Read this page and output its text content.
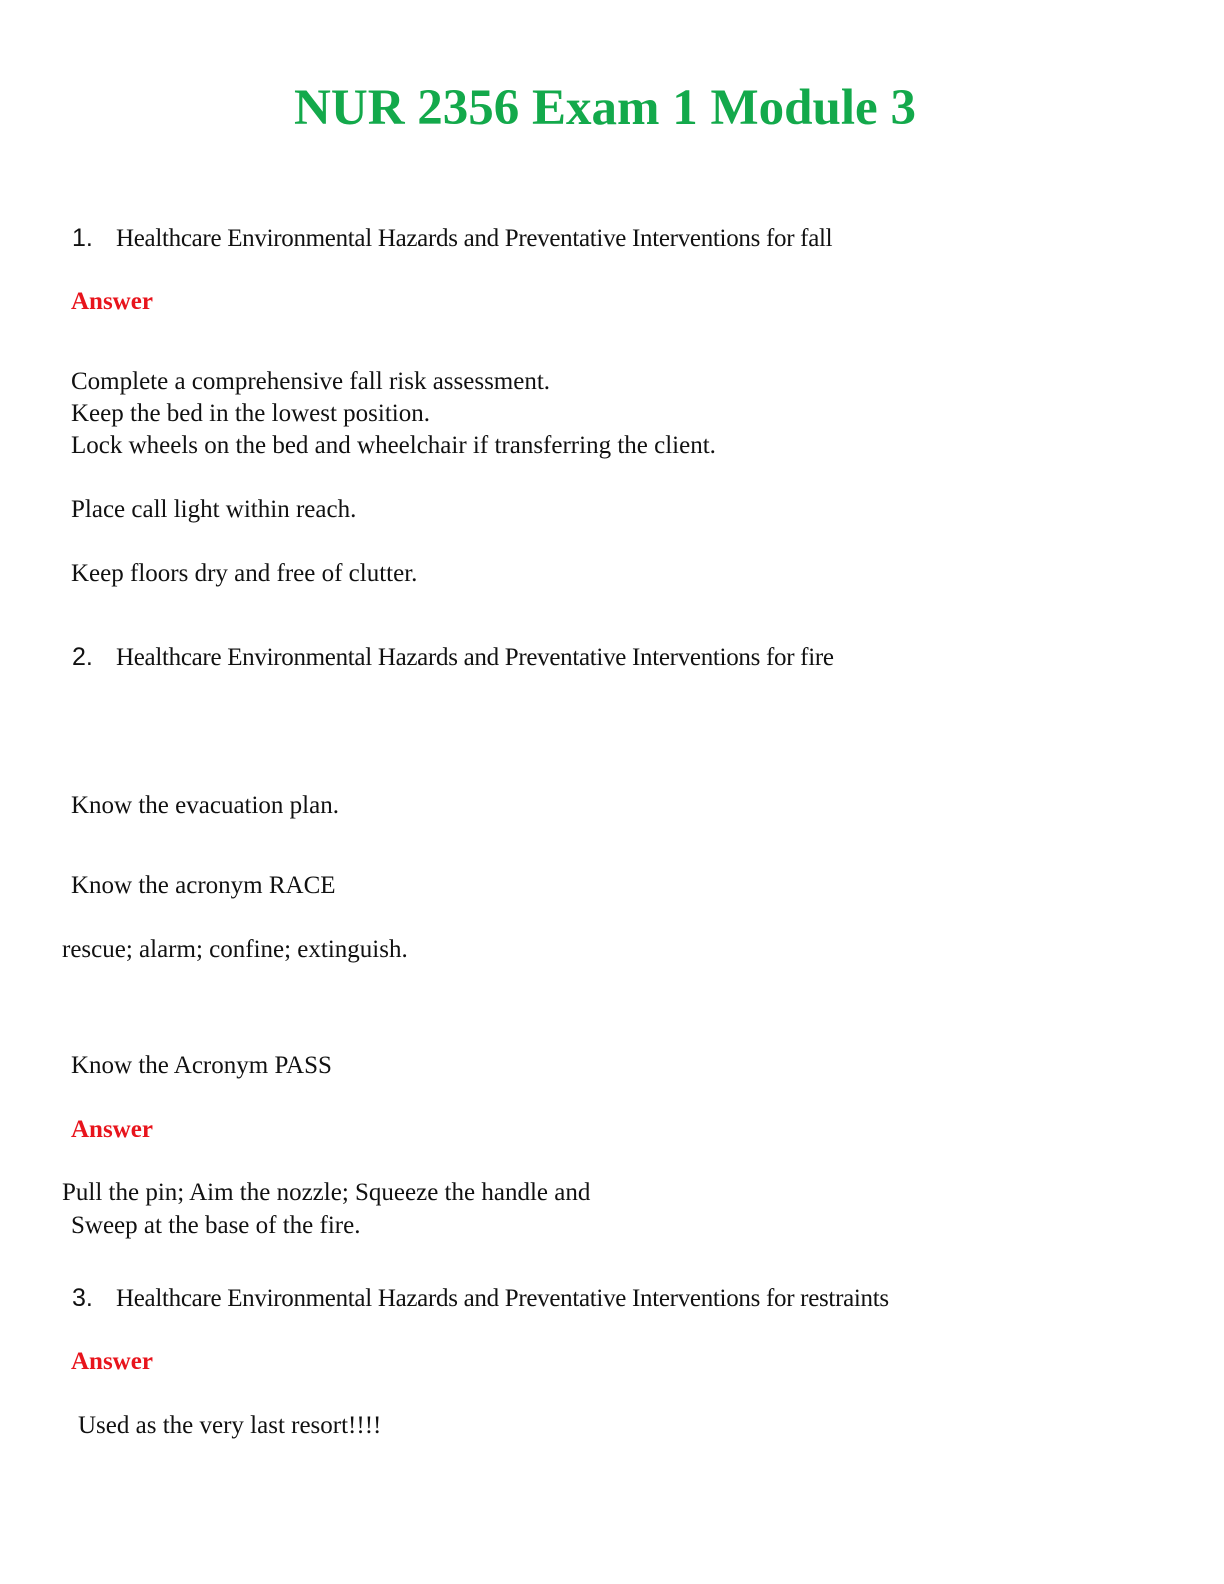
NUR 2356 Exam 1 Module 3
1. Healthcare Environmental Hazards and Preventative Interventions for fall
Answer
Complete a comprehensive fall risk assessment.
Keep the bed in the lowest position.
Lock wheels on the bed and wheelchair if transferring the client.
Place call light within reach.
Keep floors dry and free of clutter.
2. Healthcare Environmental Hazards and Preventative Interventions for fire
Know the evacuation plan.
Know the acronym RACE
rescue; alarm; confine; extinguish.
Know the Acronym PASS
Answer
Pull the pin; Aim the nozzle; Squeeze the handle and
Sweep at the base of the fire.
3. Healthcare Environmental Hazards and Preventative Interventions for restraints
Answer
Used as the very last resort!!!!
